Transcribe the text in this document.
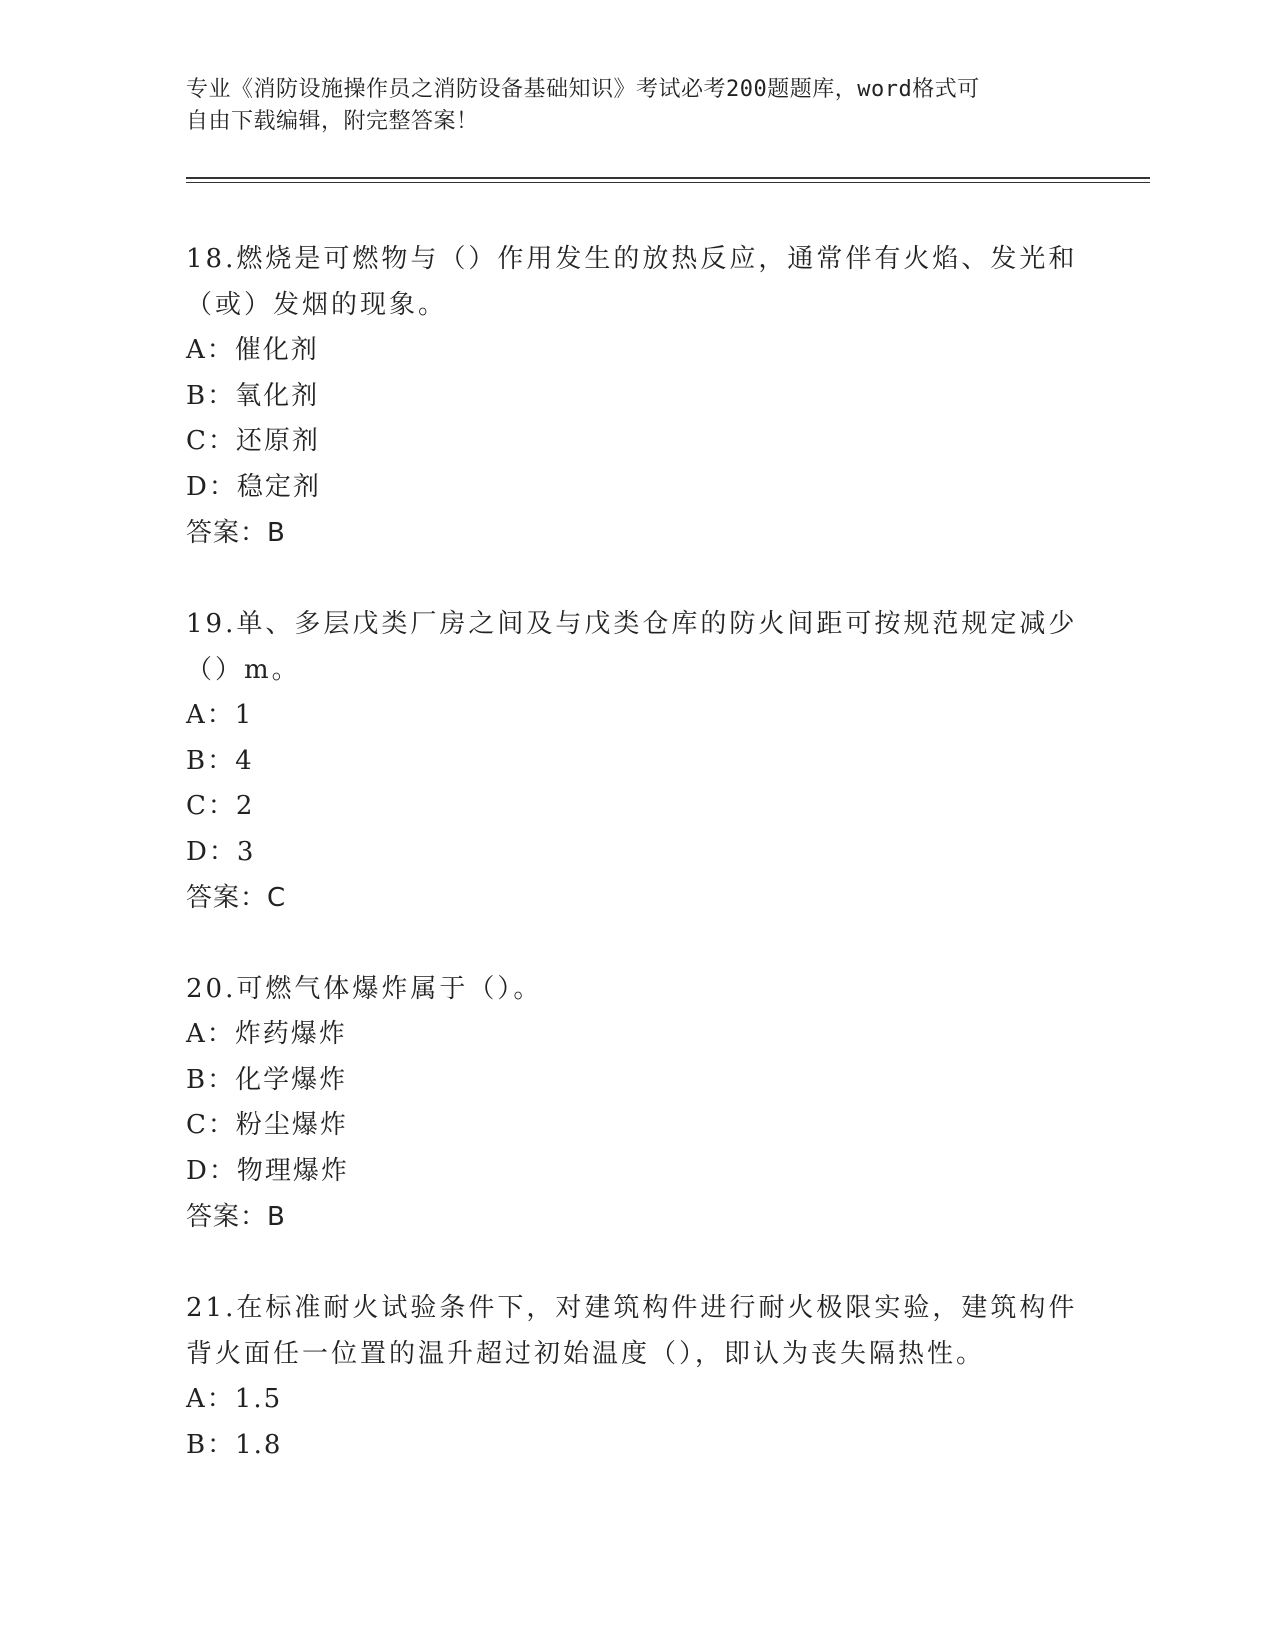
专业《消防设施操作员之消防设备基础知识》考试必考200题题库，word格式可
自由下载编辑，附完整答案！
18.燃烧是可燃物与（）作用发生的放热反应，通常伴有火焰、发光和（或）发烟的现象。
A：催化剂
B：氧化剂
C：还原剂
D：稳定剂
答案：B
19.单、多层戊类厂房之间及与戊类仓库的防火间距可按规范规定减少（）m。
A：1
B：4
C：2
D：3
答案：C
20.可燃气体爆炸属于（）。
A：炸药爆炸
B：化学爆炸
C：粉尘爆炸
D：物理爆炸
答案：B
21.在标准耐火试验条件下，对建筑构件进行耐火极限实验，建筑构件背火面任一位置的温升超过初始温度（），即认为丧失隔热性。
A：1.5
B：1.8
